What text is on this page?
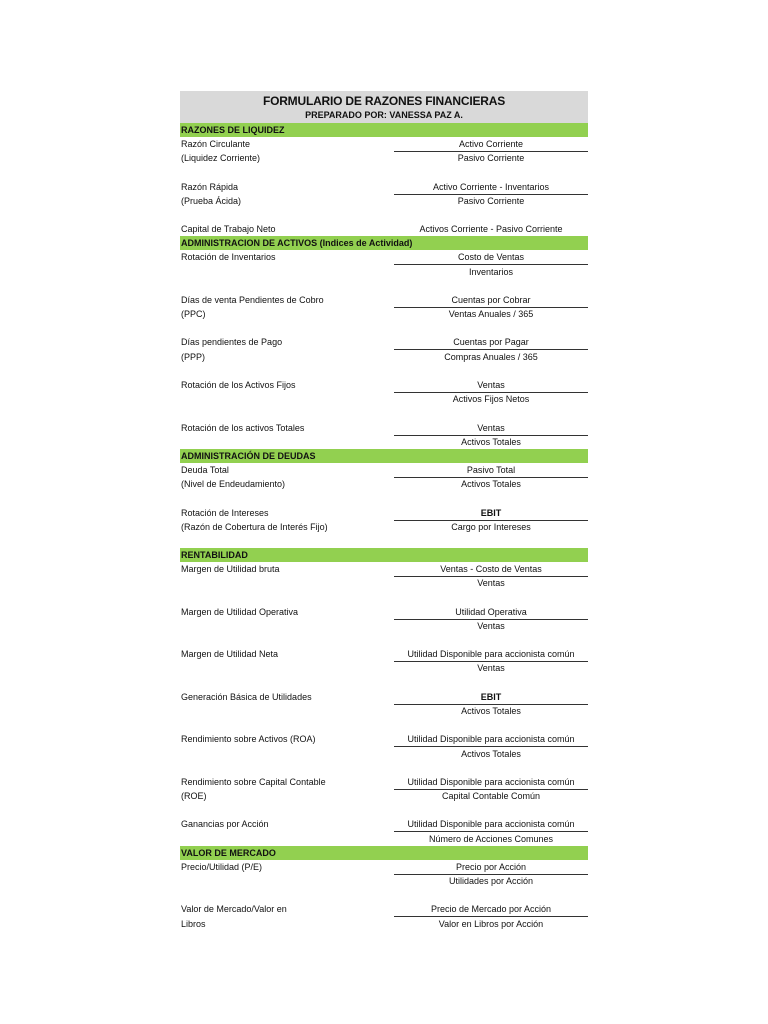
FORMULARIO DE RAZONES FINANCIERAS
PREPARADO POR: VANESSA PAZ A.
RAZONES DE LIQUIDEZ
Razón Circulante	Activo Corriente
(Liquidez Corriente)	Pasivo Corriente
Razón Rápida	Activo Corriente - Inventarios
(Prueba Ácida)	Pasivo Corriente
Capital de Trabajo Neto	Activos Corriente - Pasivo Corriente
ADMINISTRACION DE ACTIVOS (Indices de Actividad)
Rotación de Inventarios	Costo de Ventas
Inventarios
Días de venta Pendientes de Cobro	Cuentas por Cobrar
(PPC)	Ventas Anuales / 365
Días pendientes de Pago	Cuentas por Pagar
(PPP)	Compras Anuales / 365
Rotación de los Activos Fijos	Ventas
Activos Fijos Netos
Rotación de los activos Totales	Ventas
Activos Totales
ADMINISTRACIÓN DE DEUDAS
Deuda Total	Pasivo Total
(Nivel de Endeudamiento)	Activos Totales
Rotación de Intereses	EBIT
(Razón de Cobertura de Interés Fijo)	Cargo por Intereses
RENTABILIDAD
Margen de Utilidad bruta	Ventas - Costo de Ventas
Ventas
Margen de Utilidad Operativa	Utilidad Operativa
Ventas
Margen de Utilidad Neta	Utilidad Disponible para accionista común
Ventas
Generación Básica de Utilidades	EBIT
Activos Totales
Rendimiento sobre Activos (ROA)	Utilidad Disponible para accionista común
Activos Totales
Rendimiento sobre Capital Contable	Utilidad Disponible para accionista común
(ROE)	Capital Contable Común
Ganancias por Acción	Utilidad Disponible para accionista común
Número de Acciones Comunes
VALOR DE MERCADO
Precio/Utilidad (P/E)	Precio por Acción
Utilidades por Acción
Valor de Mercado/Valor en	Precio de Mercado por Acción
Libros	Valor en Libros por Acción
